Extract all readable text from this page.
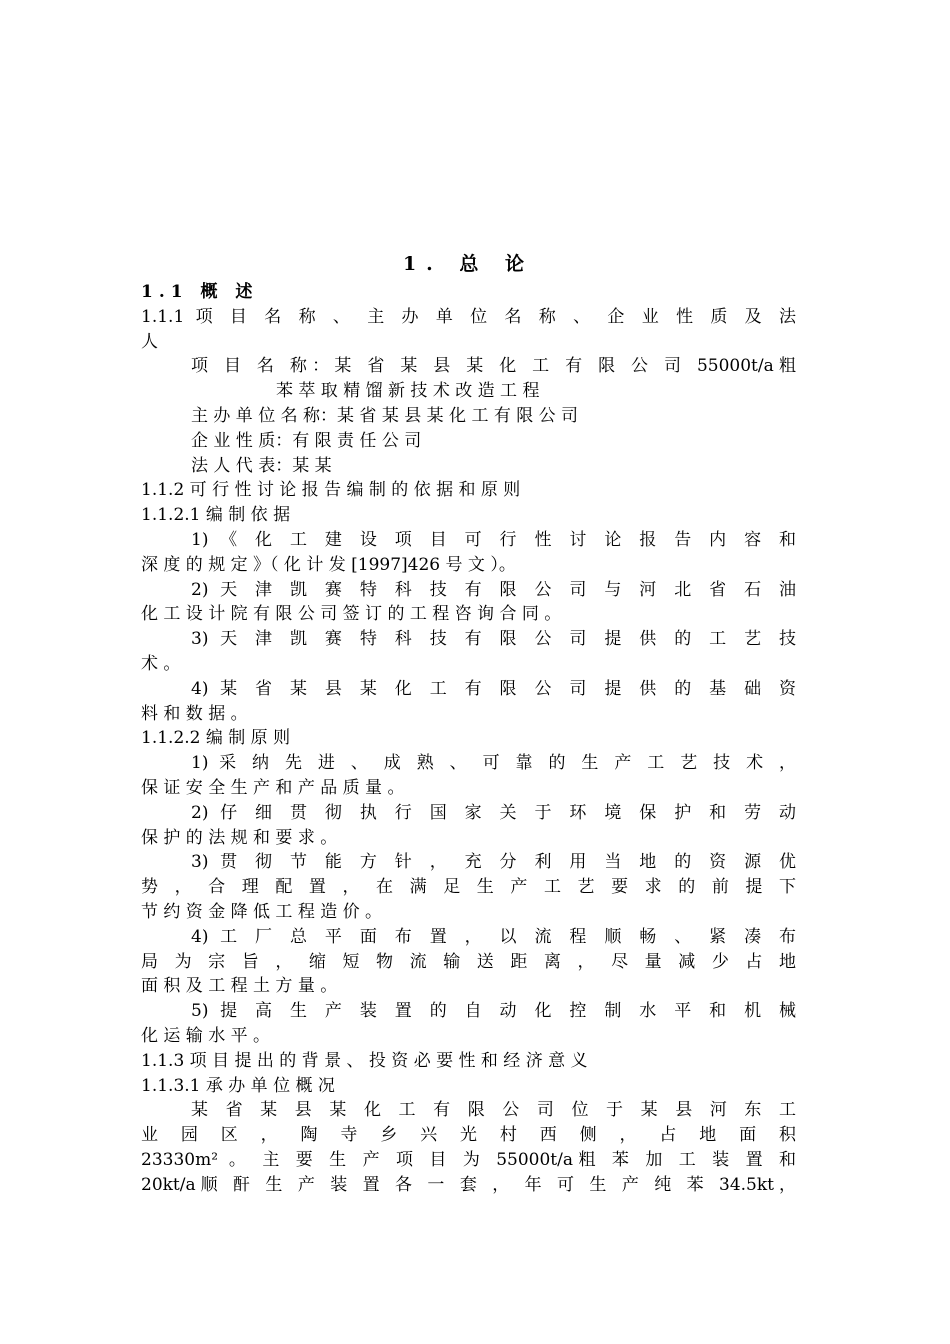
1. 总 论
1.1 概 述
1.1.1 项 目 名 称 、 主 办 单 位 名 称 、 企 业 性 质 及 法
人
项 目 名 称：某 省 某 县 某 化 工 有 限 公 司 55000t/a粗
苯 萃 取 精 馏 新 技 术 改 造 工 程
主 办 单 位 名 称：某 省 某 县 某 化 工 有 限 公 司
企 业 性 质：有 限 责 任 公 司
法 人 代 表：某 某
1.1.2 可 行 性 讨 论 报 告 编 制 的 依 据 和 原 则
1.1.2.1 编 制 依 据
1) 《 化 工 建 设 项 目 可 行 性 讨 论 报 告 内 容 和
深 度 的 规 定 》（ 化 计 发 [1997]426 号 文 ）。
2) 天 津 凯 赛 特 科 技 有 限 公 司 与 河 北 省 石 油
化 工 设 计 院 有 限 公 司 签 订 的 工 程 咨 询 合 同 。
3) 天 津 凯 赛 特 科 技 有 限 公 司 提 供 的 工 艺 技
术 。
4) 某 省 某 县 某 化 工 有 限 公 司 提 供 的 基 础 资
料 和 数 据 。
1.1.2.2 编 制 原 则
1) 采 纳 先 进 、 成 熟 、 可 靠 的 生 产 工 艺 技 术 ，
保 证 安 全 生 产 和 产 品 质 量 。
2) 仔 细 贯 彻 执 行 国 家 关 于 环 境 保 护 和 劳 动
保 护 的 法 规 和 要 求 。
3) 贯 彻 节 能 方 针 ， 充 分 利 用 当 地 的 资 源 优
势 ， 合 理 配 置 ， 在 满 足 生 产 工 艺 要 求 的 前 提 下
节 约 资 金 降 低 工 程 造 价 。
4) 工 厂 总 平 面 布 置 ， 以 流 程 顺 畅 、 紧 凑 布
局 为 宗 旨 ， 缩 短 物 流 输 送 距 离 ， 尽 量 减 少 占 地
面 积 及 工 程 土 方 量 。
5) 提 高 生 产 装 置 的 自 动 化 控 制 水 平 和 机 械
化 运 输 水 平 。
1.1.3 项 目 提 出 的 背 景 、 投 资 必 要 性 和 经 济 意 义
1.1.3.1 承 办 单 位 概 况
某 省 某 县 某 化 工 有 限 公 司 位 于 某 县 河 东 工
业 园 区 ， 陶 寺 乡 兴 光 村 西 侧 ， 占 地 面 积
23330m² 。 主 要 生 产 项 目 为 55000t/a粗 苯 加 工 装 置 和
20kt/a顺 酐 生 产 装 置 各 一 套 ， 年 可 生 产 纯 苯 34.5kt，
